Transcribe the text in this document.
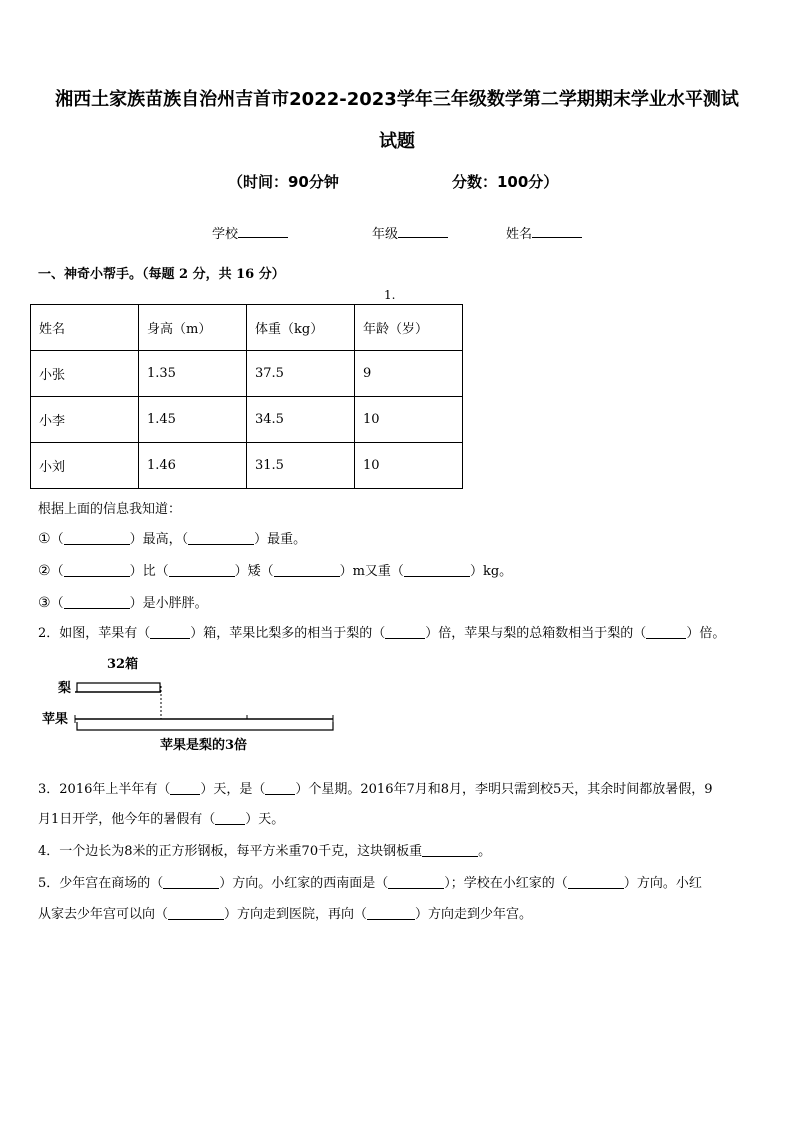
湘西土家族苗族自治州吉首市2022-2023学年三年级数学第二学期期末学业水平测试
试题
（时间：90分钟	分数：100分）
学校	年级	姓名
一、神奇小帮手。（每题 2 分，共 16 分）
1.
姓名	身高（m）	体重（kg）	年龄（岁）
小张	1.35	37.5	9
小李	1.45	34.5	10
小刘	1.46	31.5	10
根据上面的信息我知道：
①（	）最高，（	）最重。
②（	）比（	）矮（	）m又重（	）kg。
③（	）是小胖胖。
2．如图，苹果有（	）箱，苹果比梨多的相当于梨的（	）倍，苹果与梨的总箱数相当于梨的（	）倍。
32箱
梨
苹果
苹果是梨的3倍
3．2016年上半年有（ ）天，是（ ）个星期。2016年7月和8月，李明只需到校5天，其余时间都放暑假，9
月1日开学，他今年的暑假有（ ）天。
4．一个边长为8米的正方形钢板，每平方米重70千克，这块钢板重	。
5．少年宫在商场的（	）方向。小红家的西南面是（	）；学校在小红家的（	）方向。小红
从家去少年宫可以向（	）方向走到医院，再向（	）方向走到少年宫。
